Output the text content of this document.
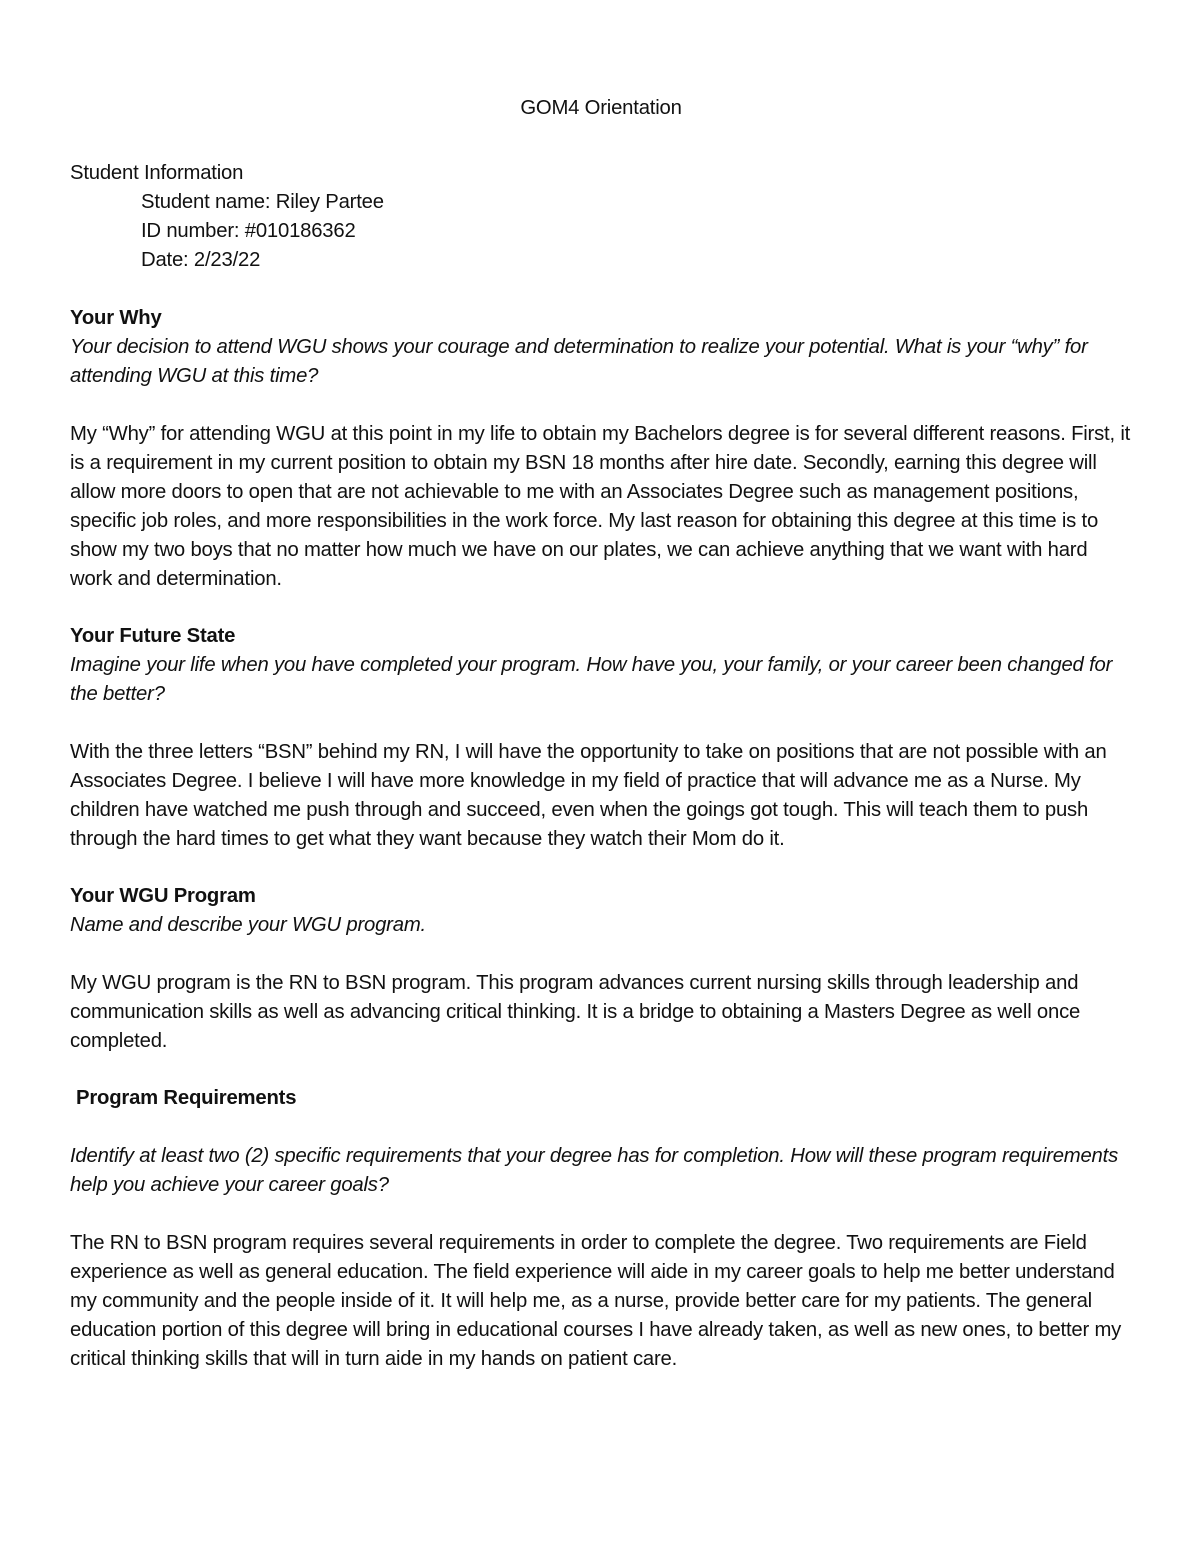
GOM4 Orientation

Student Information

Student name: Riley Partee

ID number: #010186362

Date: 2/23/22

Your Why

Your decision to attend WGU shows your courage and determination to realize your potential. What is your “why” for attending WGU at this time?

My “Why” for attending WGU at this point in my life to obtain my Bachelors degree is for several different reasons. First, it is a requirement in my current position to obtain my BSN 18 months after hire date. Secondly, earning this degree will allow more doors to open that are not achievable to me with an Associates Degree such as management positions, specific job roles, and more responsibilities in the work force. My last reason for obtaining this degree at this time is to show my two boys that no matter how much we have on our plates, we can achieve anything that we want with hard work and determination.

Your Future State

Imagine your life when you have completed your program. How have you, your family, or your career been changed for the better?

With the three letters “BSN” behind my RN, I will have the opportunity to take on positions that are not possible with an Associates Degree. I believe I will have more knowledge in my field of practice that will advance me as a Nurse. My children have watched me push through and succeed, even when the goings got tough. This will teach them to push through the hard times to get what they want because they watch their Mom do it.

Your WGU Program

Name and describe your WGU program.

My WGU program is the RN to BSN program. This program advances current nursing skills through leadership and communication skills as well as advancing critical thinking. It is a bridge to obtaining a Masters Degree as well once completed.

Program Requirements

Identify at least two (2) specific requirements that your degree has for completion. How will these program requirements help you achieve your career goals?

The RN to BSN program requires several requirements in order to complete the degree. Two requirements are Field experience as well as general education. The field experience will aide in my career goals to help me better understand my community and the people inside of it. It will help me, as a nurse, provide better care for my patients. The general education portion of this degree will bring in educational courses I have already taken, as well as new ones, to better my critical thinking skills that will in turn aide in my hands on patient care.
